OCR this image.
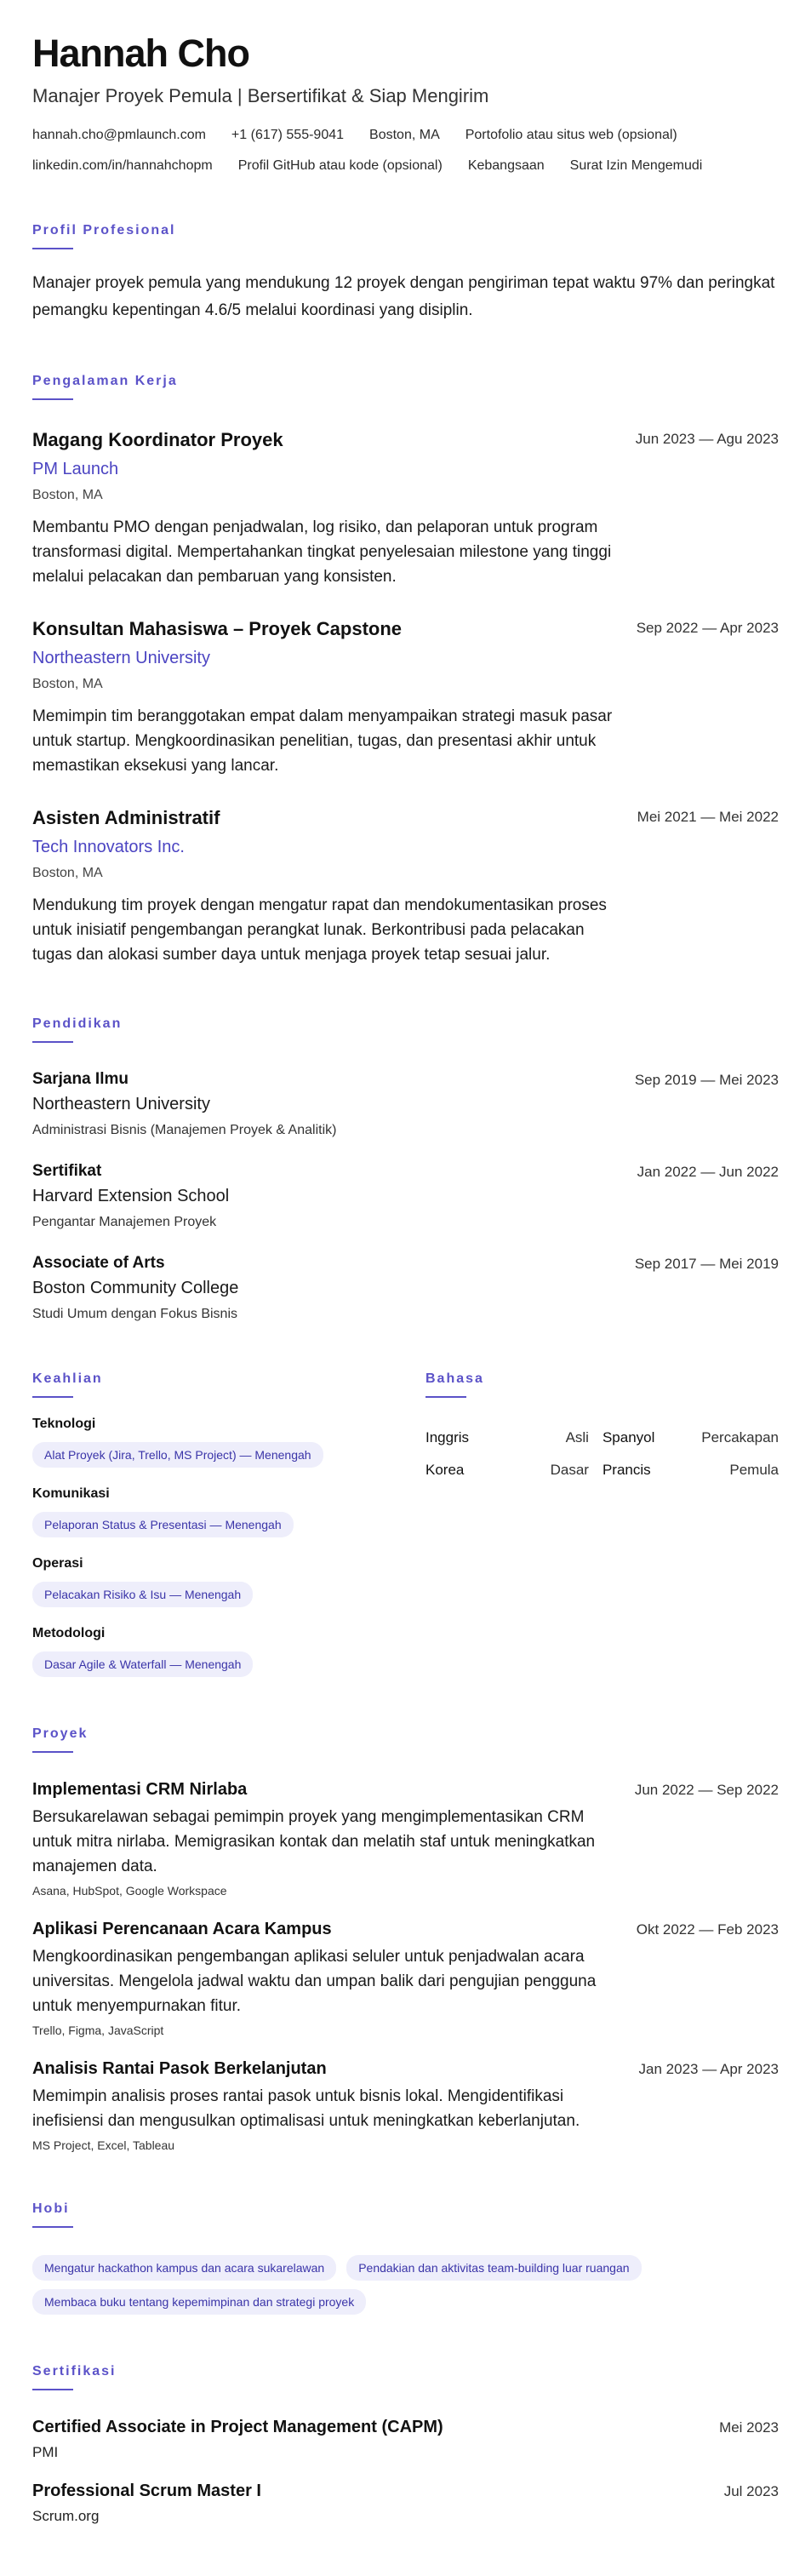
Hannah Cho
Manajer Proyek Pemula | Bersertifikat & Siap Mengirim
hannah.cho@pmlaunch.com +1 (617) 555-9041 Boston, MA Portofolio atau situs web (opsional)
linkedin.com/in/hannahchopm Profil GitHub atau kode (opsional) Kebangsaan Surat Izin Mengemudi
Profil Profesional

Manajer proyek pemula yang mendukung 12 proyek dengan pengiriman tepat waktu 97% dan peringkat pemangku kepentingan 4.6/5 melalui koordinasi yang disiplin.

Pengalaman Kerja
Magang Koordinator Proyek
PM Launch
Boston, MA

Membantu PMO dengan penjadwalan, log risiko, dan pelaporan untuk program transformasi digital. Mempertahankan tingkat penyelesaian milestone yang tinggi melalui pelacakan dan pembaruan yang konsisten.

Jun 2023 — Agu 2023
Konsultan Mahasiswa – Proyek Capstone
Northeastern University
Boston, MA

Memimpin tim beranggotakan empat dalam menyampaikan strategi masuk pasar untuk startup. Mengkoordinasikan penelitian, tugas, dan presentasi akhir untuk memastikan eksekusi yang lancar.

Sep 2022 — Apr 2023
Asisten Administratif
Tech Innovators Inc.
Boston, MA

Mendukung tim proyek dengan mengatur rapat dan mendokumentasikan proses untuk inisiatif pengembangan perangkat lunak. Berkontribusi pada pelacakan tugas dan alokasi sumber daya untuk menjaga proyek tetap sesuai jalur.

Mei 2021 — Mei 2022
Pendidikan
Sarjana Ilmu
Northeastern University
Administrasi Bisnis (Manajemen Proyek & Analitik)
Sep 2019 — Mei 2023
Sertifikat
Harvard Extension School
Pengantar Manajemen Proyek
Jan 2022 — Jun 2022
Associate of Arts
Boston Community College
Studi Umum dengan Fokus Bisnis
Sep 2017 — Mei 2019
Keahlian
Teknologi
Alat Proyek (Jira, Trello, MS Project) — Menengah
Komunikasi
Pelaporan Status & Presentasi — Menengah
Operasi
Pelacakan Risiko & Isu — Menengah
Metodologi
Dasar Agile & Waterfall — Menengah
Bahasa
Inggris	Asli Spanyol	Percakapan
Korea	Dasar Prancis	Pemula
Proyek
Implementasi CRM Nirlaba

Bersukarelawan sebagai pemimpin proyek yang mengimplementasikan CRM untuk mitra nirlaba. Memigrasikan kontak dan melatih staf untuk meningkatkan manajemen data.

Asana, HubSpot, Google Workspace
Jun 2022 — Sep 2022
Aplikasi Perencanaan Acara Kampus

Mengkoordinasikan pengembangan aplikasi seluler untuk penjadwalan acara universitas. Mengelola jadwal waktu dan umpan balik dari pengujian pengguna untuk menyempurnakan fitur.

Trello, Figma, JavaScript
Okt 2022 — Feb 2023
Analisis Rantai Pasok Berkelanjutan

Memimpin analisis proses rantai pasok untuk bisnis lokal. Mengidentifikasi inefisiensi dan mengusulkan optimalisasi untuk meningkatkan keberlanjutan.

MS Project, Excel, Tableau
Jan 2023 — Apr 2023
Hobi
Mengatur hackathon kampus dan acara sukarelawan	Pendakian dan aktivitas team-building luar ruangan
Membaca buku tentang kepemimpinan dan strategi proyek
Sertifikasi
Certified Associate in Project Management (CAPM)
PMI
Mei 2023
Professional Scrum Master I
Scrum.org
Jul 2023
